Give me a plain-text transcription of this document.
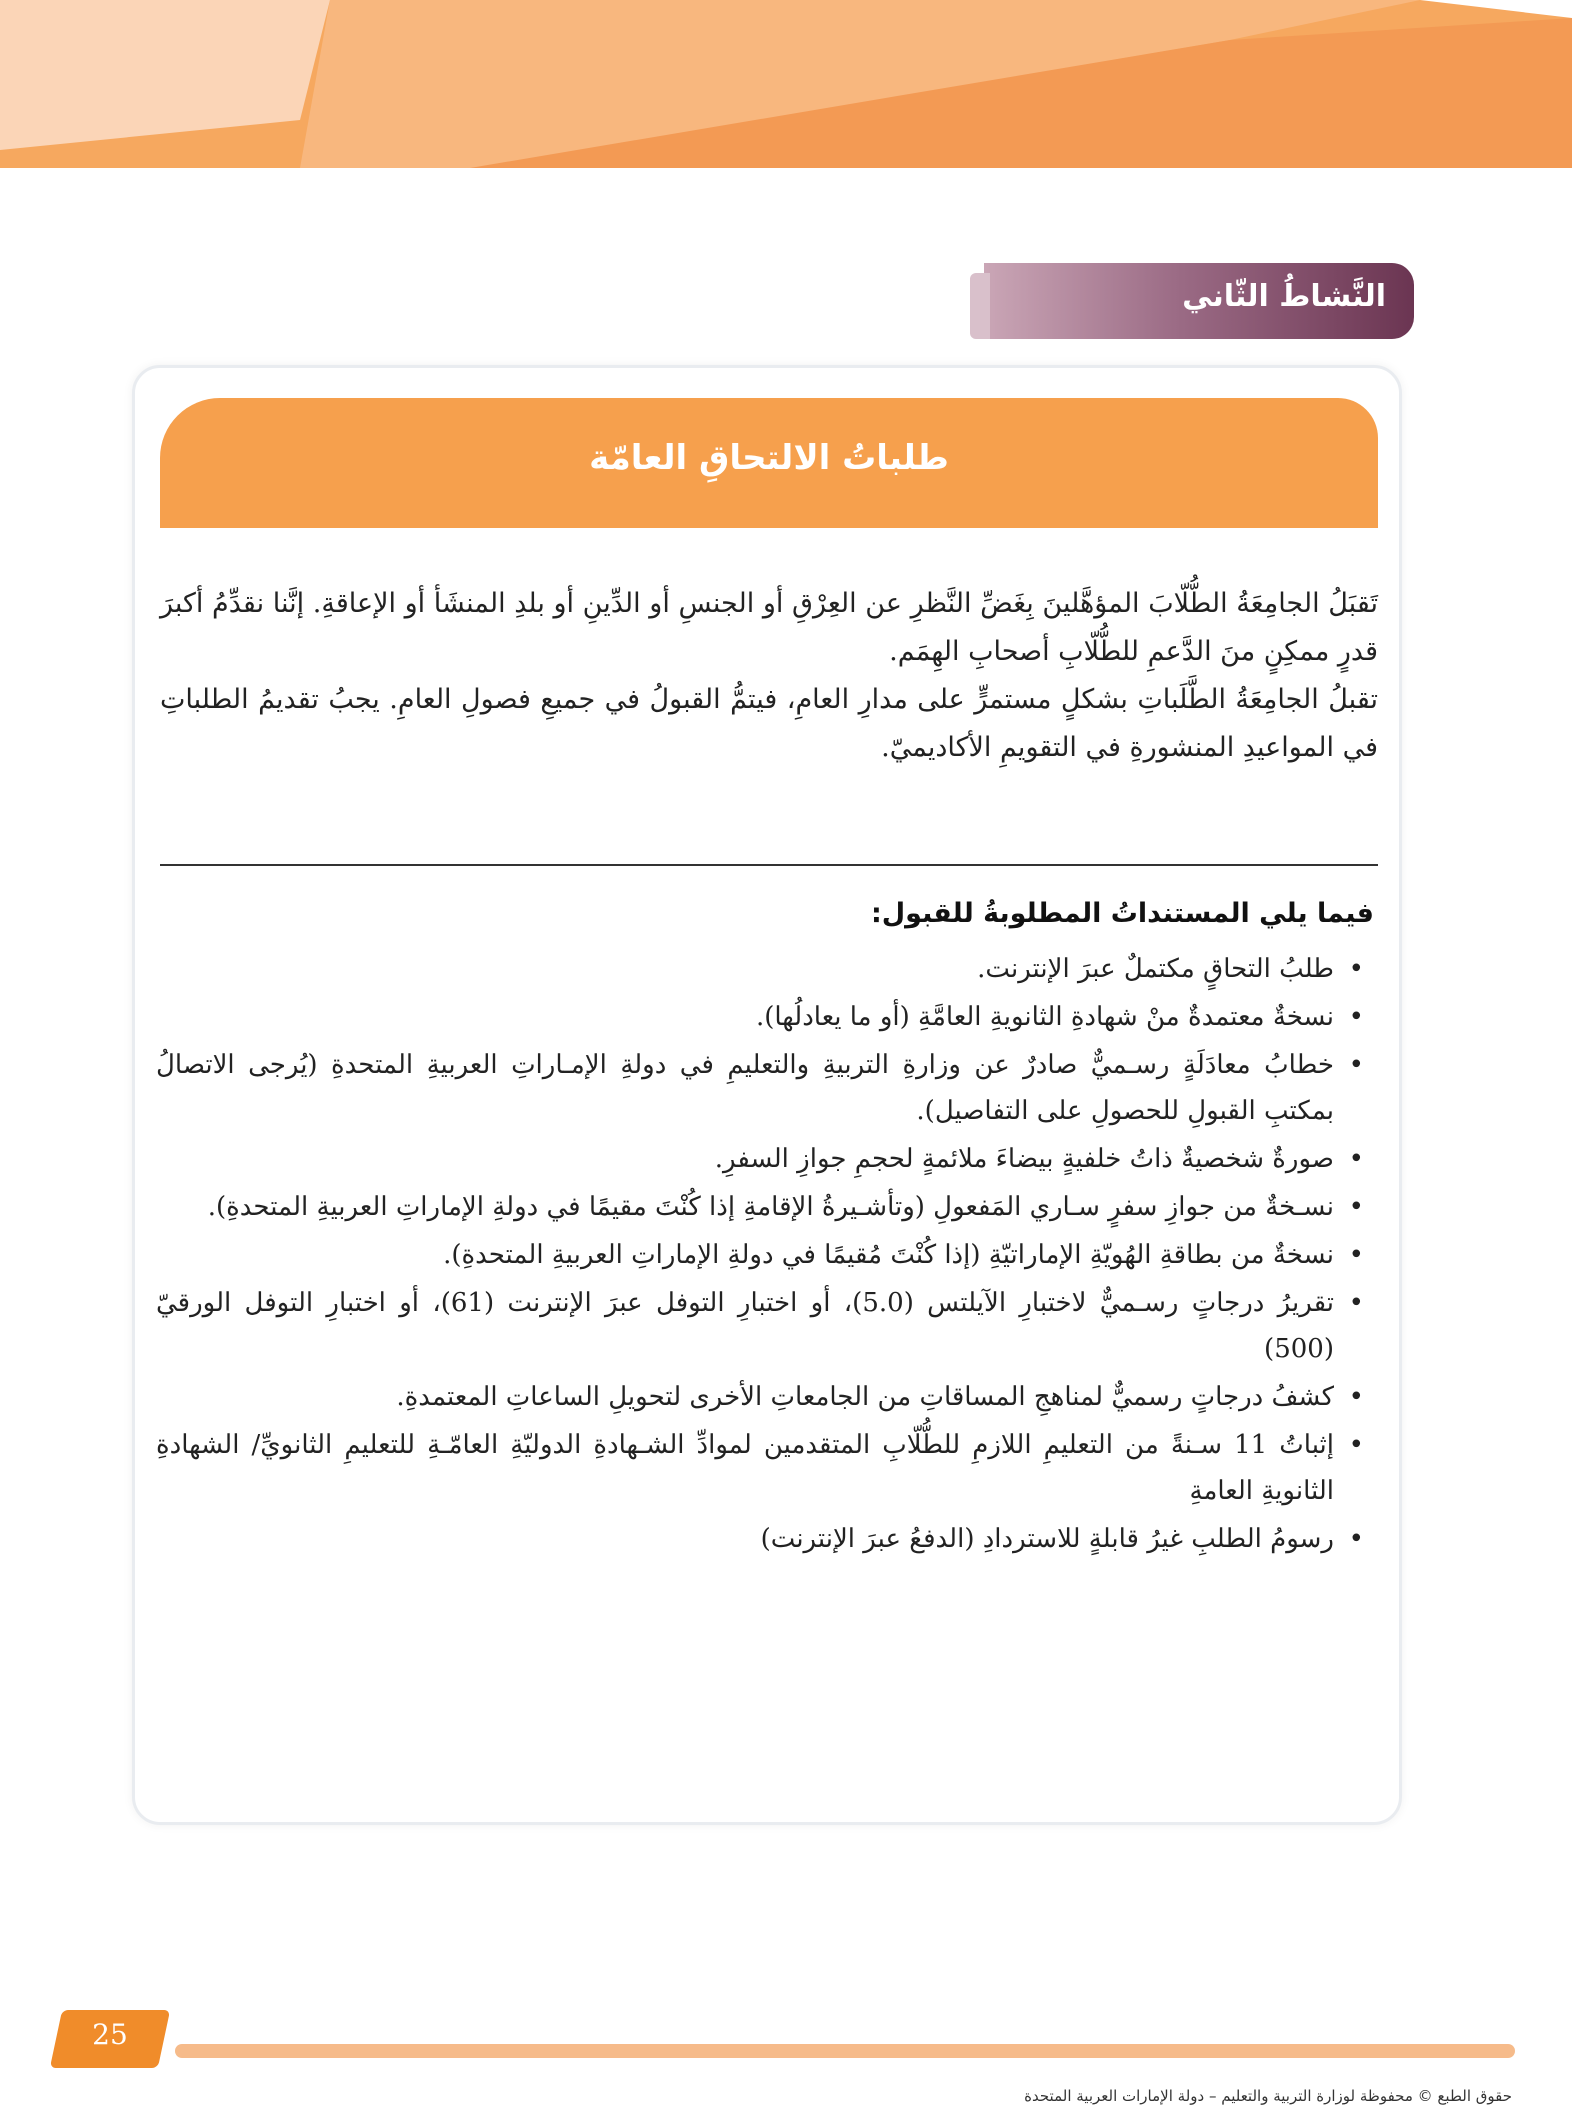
النَّشاطُ الثّاني
طلباتُ الالتحاقِ العامّة

تَقبَلُ الجامِعَةُ الطُّلّابَ المؤهَّلينَ بِغَضِّ النَّظرِ عن العِرْقِ أو الجنسِ أو الدِّينِ أو بلدِ المنشَأ أو الإعاقةِ. إنَّنا نقدِّمُ أكبرَ قدرٍ ممكِنٍ منَ الدَّعمِ للطُّلّابِ أصحابِ الهِمَم.

تقبلُ الجامِعَةُ الطَّلَباتِ بشكلٍ مستمرٍّ على مدارِ العامِ، فيتمُّ القبولُ في جميعِ فصولِ العامِ. يجبُ تقديمُ الطلباتِ في المواعيدِ المنشورةِ في التقويمِ الأكاديميّ.

فيما يلي المستنداتُ المطلوبةُ للقبول:
• طلبُ التحاقٍ مكتملٌ عبرَ الإنترنت.
• نسخةٌ معتمدةٌ منْ شهادةِ الثانويةِ العامَّةِ (أو ما يعادلُها).
• خطابُ معادَلَةٍ رسـميٌّ صادرٌ عن وزارةِ التربيةِ والتعليمِ في دولةِ الإمـاراتِ العربيةِ المتحدةِ (يُرجى الاتصالُ بمكتبِ القبولِ للحصولِ على التفاصيل).
• صورةٌ شخصيةٌ ذاتُ خلفيةٍ بيضاءَ ملائمةٍ لحجمِ جوازِ السفرِ.
• نسـخةٌ من جوازِ سفرٍ سـاري المَفعولِ (وتأشـيرةُ الإقامةِ إذا كُنْتَ مقيمًا في دولةِ الإماراتِ العربيةِ المتحدةِ).
• نسخةٌ من بطاقةِ الهُويّةِ الإماراتيّةِ (إذا كُنْتَ مُقيمًا في دولةِ الإماراتِ العربيةِ المتحدةِ).
• تقريرُ درجاتٍ رسـميٌّ لاختبارِ الآيلتس (5.0)، أو اختبارِ التوفل عبرَ الإنترنت (61)، أو اختبارِ التوفل الورقيّ (500)
• كشفُ درجاتٍ رسميٌّ لمناهجِ المساقاتِ من الجامعاتِ الأخرى لتحويلِ الساعاتِ المعتمدةِ.
• إثباتُ 11 سـنةً من التعليمِ اللازمِ للطُّلّابِ المتقدمين لموادِّ الشـهادةِ الدوليّةِ العامّـةِ للتعليمِ الثانويِّ/ الشهادةِ الثانويةِ العامةِ
• رسومُ الطلبِ غيرُ قابلةٍ للاستردادِ (الدفعُ عبرَ الإنترنت)
25
حقوق الطبع © محفوظة لوزارة التربية والتعليم – دولة الإمارات العربية المتحدة
